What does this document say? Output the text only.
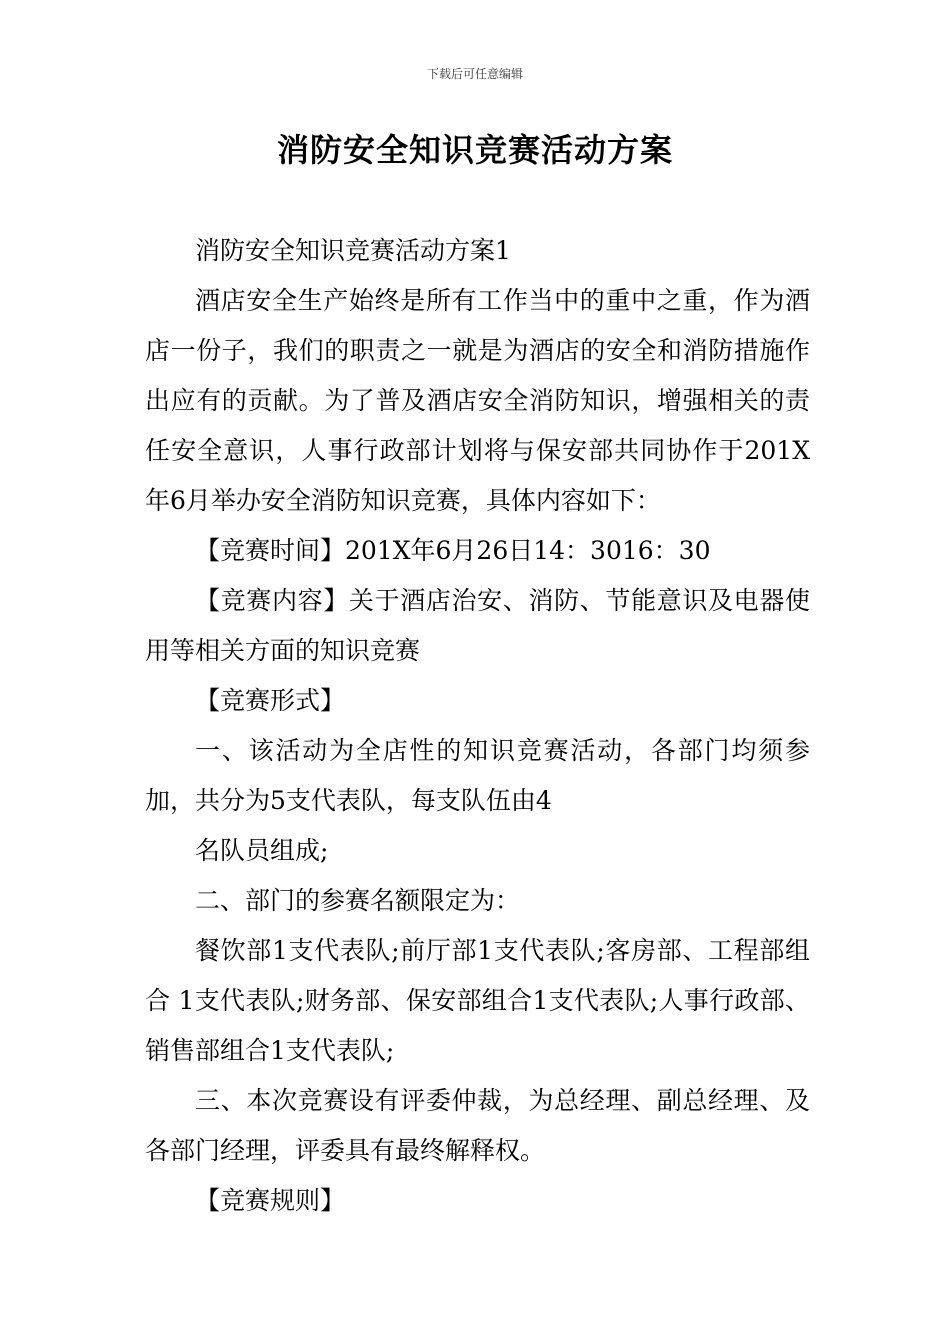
下载后可任意编辑
消防安全知识竞赛活动方案

消防安全知识竞赛活动方案1

酒店安全生产始终是所有工作当中的重中之重，作为酒店一份子，我们的职责之一就是为酒店的安全和消防措施作出应有的贡献。为了普及酒店安全消防知识，增强相关的责任安全意识，人事行政部计划将与保安部共同协作于201X年6月举办安全消防知识竞赛，具体内容如下：

【竞赛时间】201X年6月26日14：3016：30

【竞赛内容】关于酒店治安、消防、节能意识及电器使用等相关方面的知识竞赛

【竞赛形式】

一、该活动为全店性的知识竞赛活动，各部门均须参加，共分为5支代表队，每支队伍由4

名队员组成;

二、部门的参赛名额限定为：

餐饮部1支代表队;前厅部1支代表队;客房部、工程部组合 1支代表队;财务部、保安部组合1支代表队;人事行政部、销售部组合1支代表队;

三、本次竞赛设有评委仲裁，为总经理、副总经理、及各部门经理，评委具有最终解释权。

【竞赛规则】
